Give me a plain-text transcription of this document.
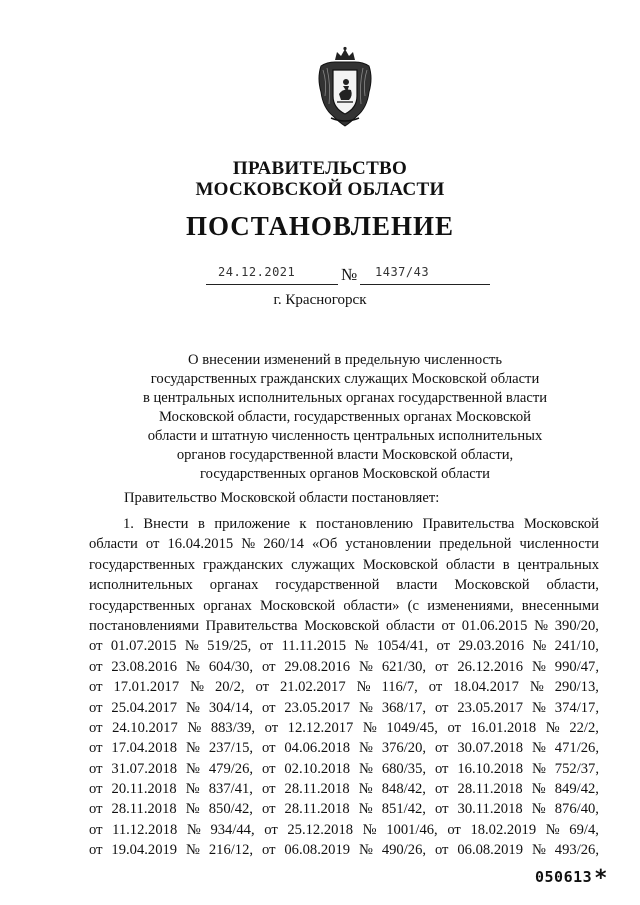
ПРАВИТЕЛЬСТВО
МОСКОВСКОЙ ОБЛАСТИ
ПОСТАНОВЛЕНИЕ
24.12.2021	№ 1437/43
г. Красногорск
О внесении изменений в предельную численность
государственных гражданских служащих Московской области
в центральных исполнительных органах государственной власти
Московской области, государственных органах Московской
области и штатную численность центральных исполнительных
органов государственной власти Московской области,
государственных органов Московской области
Правительство Московской области постановляет:
1. Внести в приложение к постановлению Правительства Московской
области от 16.04.2015 № 260/14 «Об установлении предельной численности
государственных гражданских служащих Московской области в центральных
исполнительных органах государственной власти Московской области,
государственных органах Московской области» (с изменениями, внесенными
постановлениями Правительства Московской области от 01.06.2015 № 390/20,
от 01.07.2015 № 519/25, от 11.11.2015 № 1054/41, от 29.03.2016 № 241/10,
от 23.08.2016 № 604/30, от 29.08.2016 № 621/30, от 26.12.2016 № 990/47,
от 17.01.2017 № 20/2, от 21.02.2017 № 116/7, от 18.04.2017 № 290/13,
от 25.04.2017 № 304/14, от 23.05.2017 № 368/17, от 23.05.2017 № 374/17,
от 24.10.2017 № 883/39, от 12.12.2017 № 1049/45, от 16.01.2018 № 22/2,
от 17.04.2018 № 237/15, от 04.06.2018 № 376/20, от 30.07.2018 № 471/26,
от 31.07.2018 № 479/26, от 02.10.2018 № 680/35, от 16.10.2018 № 752/37,
от 20.11.2018 № 837/41, от 28.11.2018 № 848/42, от 28.11.2018 № 849/42,
от 28.11.2018 № 850/42, от 28.11.2018 № 851/42, от 30.11.2018 № 876/40,
от 11.12.2018 № 934/44, от 25.12.2018 № 1001/46, от 18.02.2019 № 69/4,
от 19.04.2019 № 216/12, от 06.08.2019 № 490/26, от 06.08.2019 № 493/26,
050613 *
